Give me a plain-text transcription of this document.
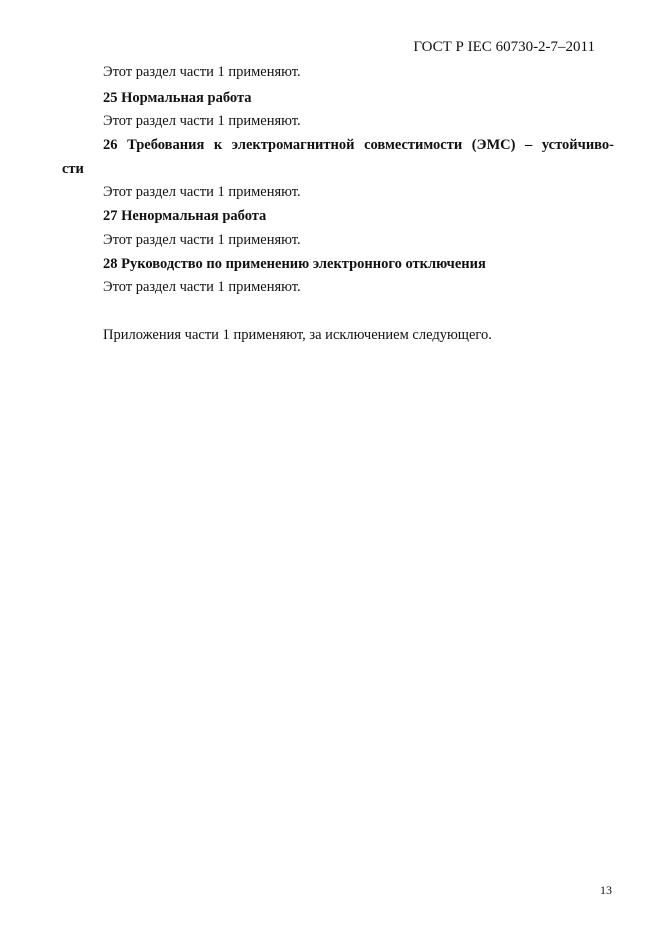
ГОСТ Р IEC 60730-2-7–2011
Этот раздел части 1 применяют.
25 Нормальная работа
Этот раздел части 1 применяют.
26 Требования к электромагнитной совместимости (ЭМС) – устойчиво-
сти
Этот раздел части 1 применяют.
27 Ненормальная работа
Этот раздел части 1 применяют.
28 Руководство по применению электронного отключения
Этот раздел части 1 применяют.
Приложения части 1 применяют, за исключением следующего.
13
